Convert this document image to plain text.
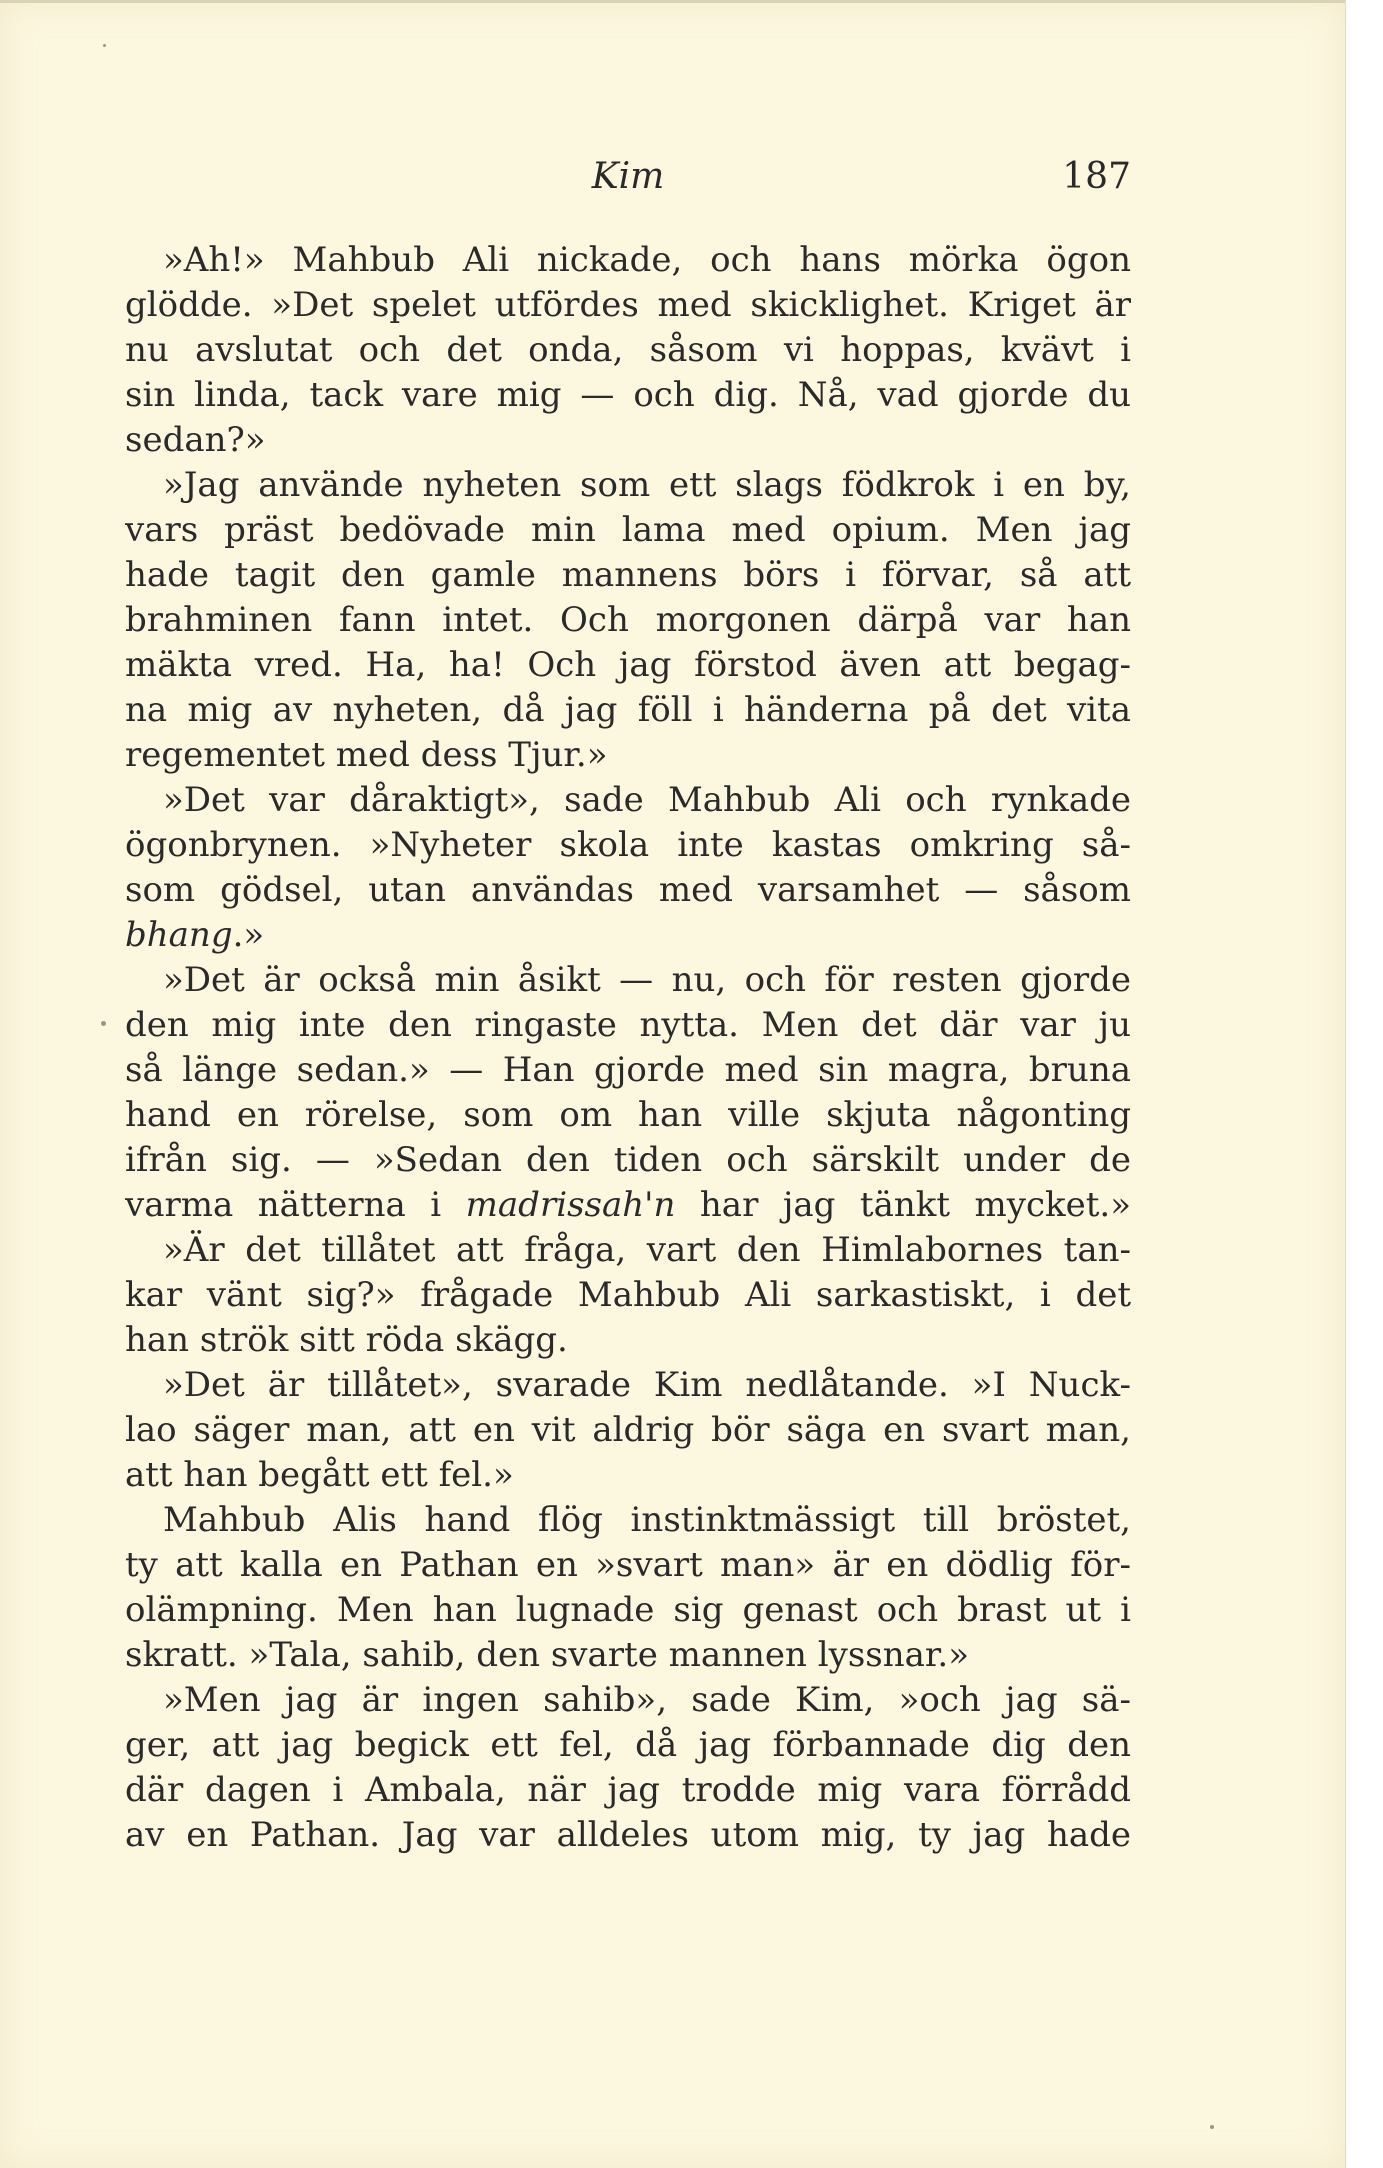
Kim	187
»Ah!» Mahbub Ali nickade, och hans mörka ögon
glödde. »Det spelet utfördes med skicklighet. Kriget är
nu avslutat och det onda, såsom vi hoppas, kvävt i
sin linda, tack vare mig — och dig. Nå, vad gjorde du
sedan?»
»Jag använde nyheten som ett slags födkrok i en by,
vars präst bedövade min lama med opium. Men jag
hade tagit den gamle mannens börs i förvar, så att
brahminen fann intet. Och morgonen därpå var han
mäkta vred. Ha, ha! Och jag förstod även att begag-
na mig av nyheten, då jag föll i händerna på det vita
regementet med dess Tjur.»
»Det var dåraktigt», sade Mahbub Ali och rynkade
ögonbrynen. »Nyheter skola inte kastas omkring så-
som gödsel, utan användas med varsamhet — såsom
bhang.»
»Det är också min åsikt — nu, och för resten gjorde
den mig inte den ringaste nytta. Men det där var ju
så länge sedan.» — Han gjorde med sin magra, bruna
hand en rörelse, som om han ville skjuta någonting
ifrån sig. — »Sedan den tiden och särskilt under de
varma nätterna i madrissah'n har jag tänkt mycket.»
»Är det tillåtet att fråga, vart den Himlabornes tan-
kar vänt sig?» frågade Mahbub Ali sarkastiskt, i det
han strök sitt röda skägg.
»Det är tillåtet», svarade Kim nedlåtande. »I Nuck-
lao säger man, att en vit aldrig bör säga en svart man,
att han begått ett fel.»
Mahbub Alis hand flög instinktmässigt till bröstet,
ty att kalla en Pathan en »svart man» är en dödlig för-
olämpning. Men han lugnade sig genast och brast ut i
skratt. »Tala, sahib, den svarte mannen lyssnar.»
»Men jag är ingen sahib», sade Kim, »och jag sä-
ger, att jag begick ett fel, då jag förbannade dig den
där dagen i Ambala, när jag trodde mig vara förrådd
av en Pathan. Jag var alldeles utom mig, ty jag hade
